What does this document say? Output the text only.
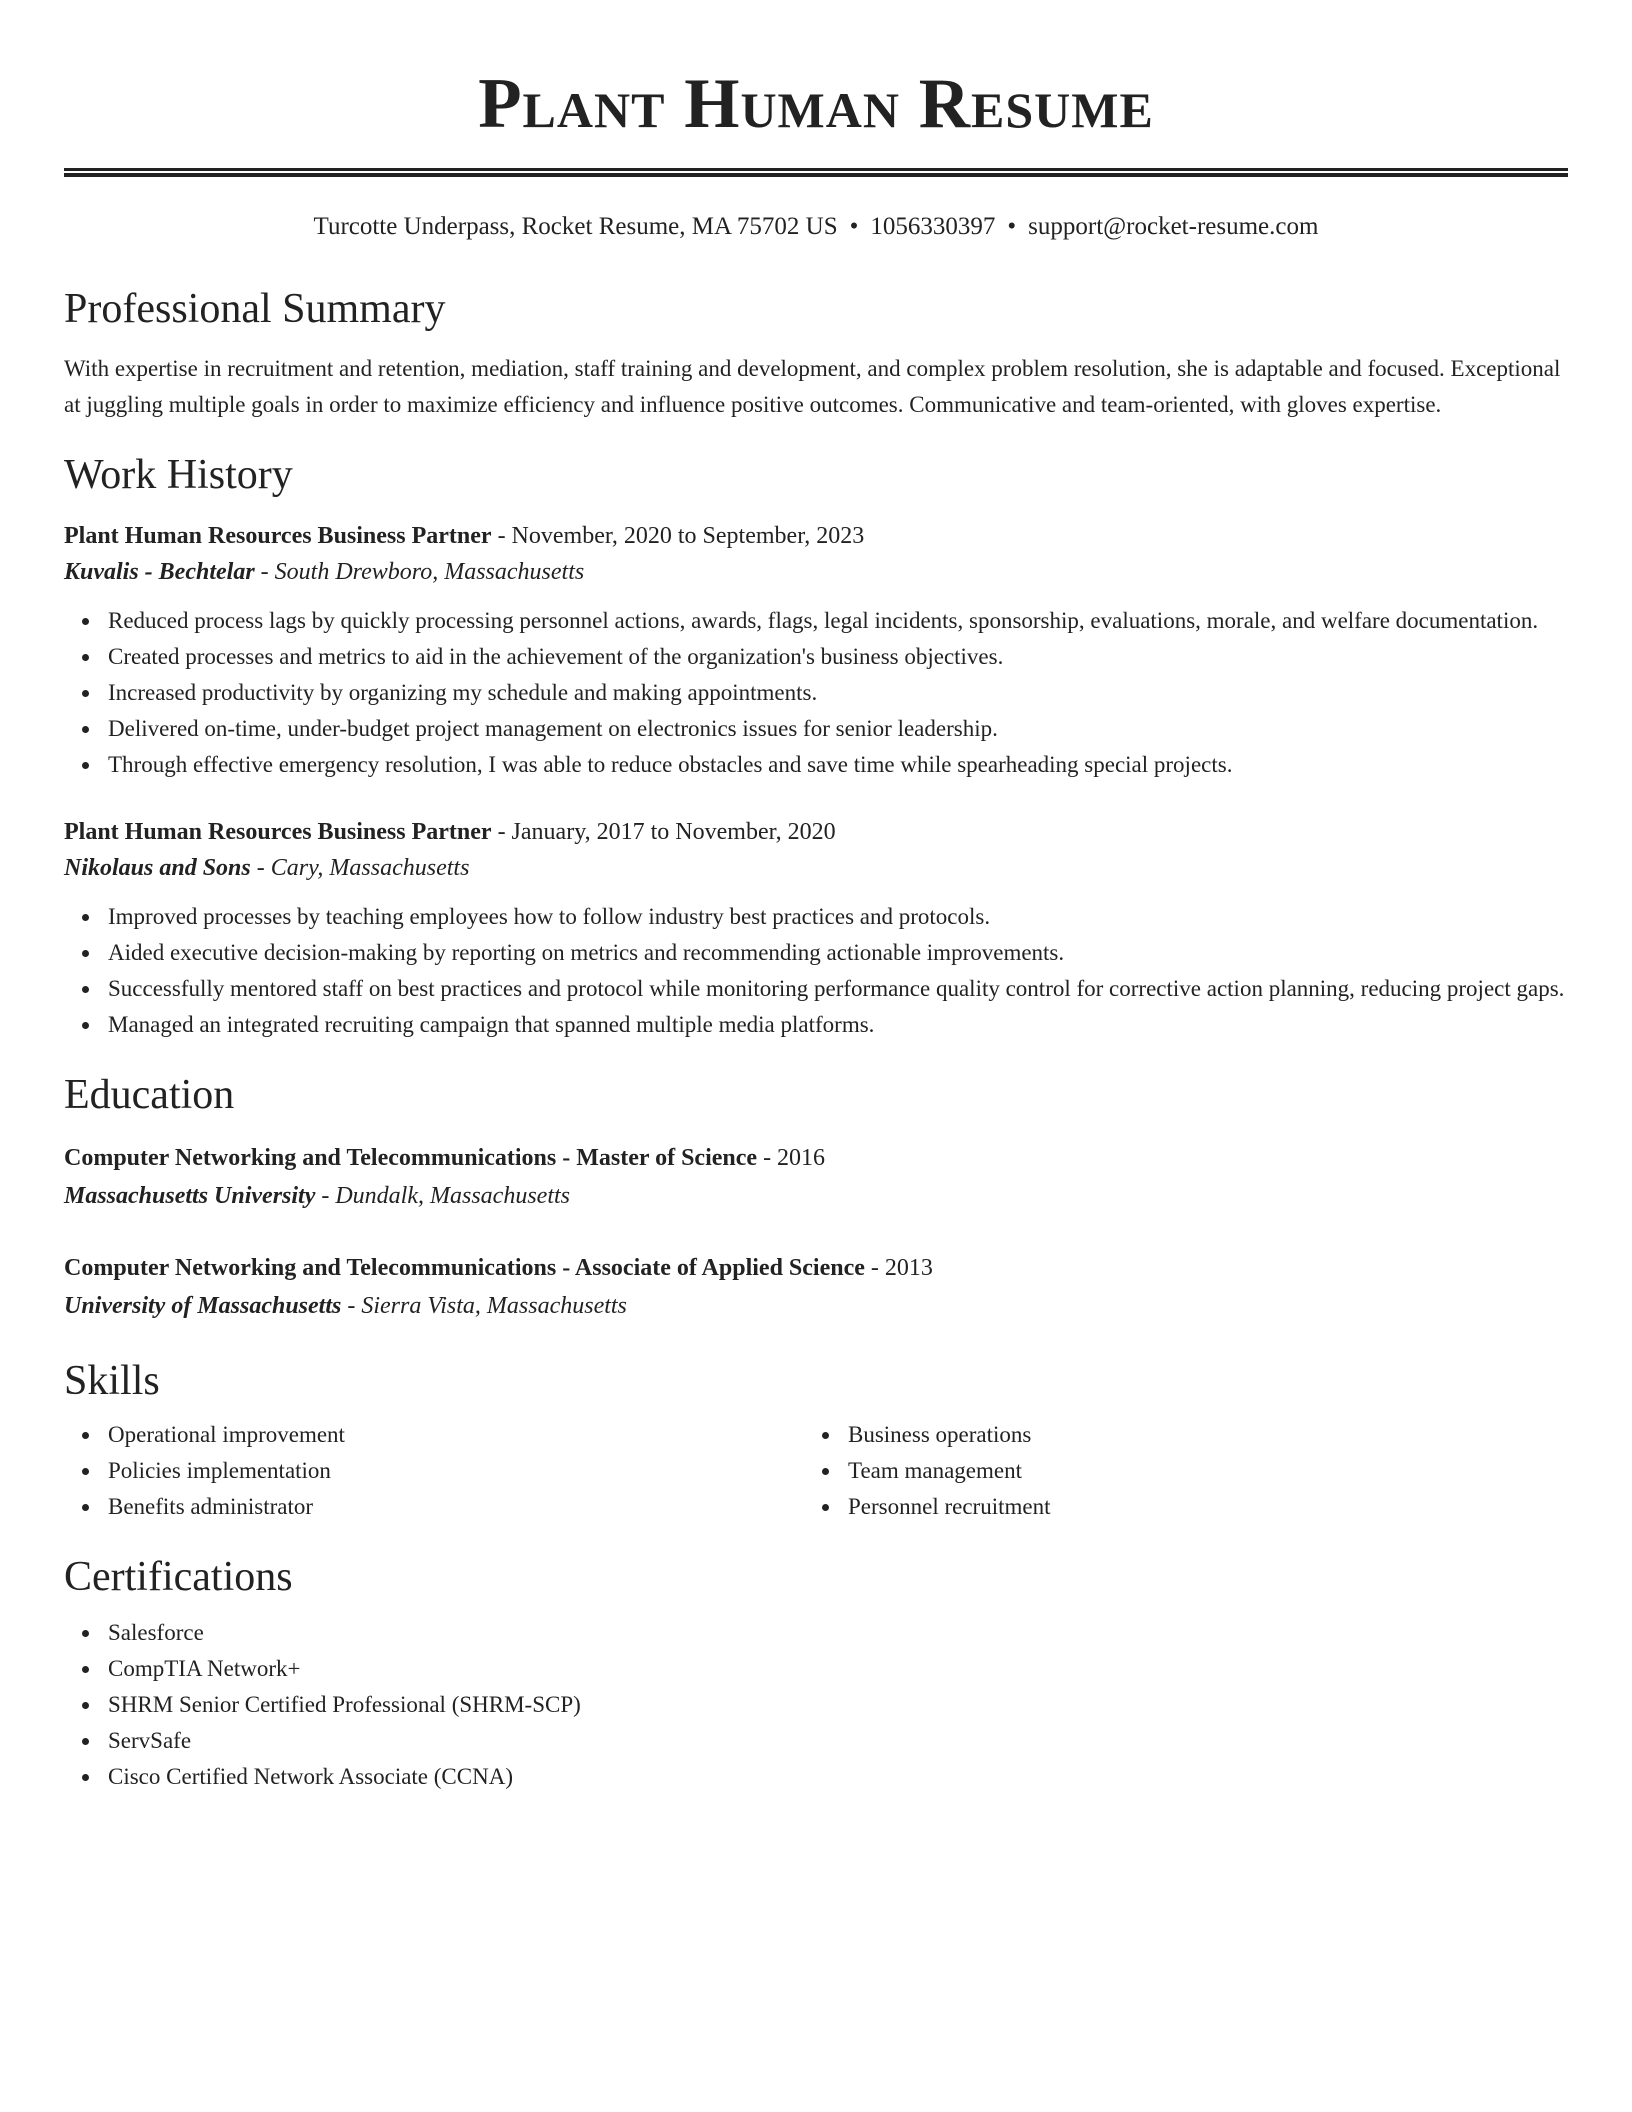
Plant Human Resume
Turcotte Underpass, Rocket Resume, MA 75702 US • 1056330397 • support@rocket-resume.com
Professional Summary

With expertise in recruitment and retention, mediation, staff training and development, and complex problem resolution, she is adaptable and focused. Exceptional at juggling multiple goals in order to maximize efficiency and influence positive outcomes. Communicative and team-oriented, with gloves expertise.

Work History
Plant Human Resources Business Partner - November, 2020 to September, 2023
Kuvalis - Bechtelar - South Drewboro, Massachusetts
Reduced process lags by quickly processing personnel actions, awards, flags, legal incidents, sponsorship, evaluations, morale, and welfare documentation.
Created processes and metrics to aid in the achievement of the organization's business objectives.
Increased productivity by organizing my schedule and making appointments.
Delivered on-time, under-budget project management on electronics issues for senior leadership.
Through effective emergency resolution, I was able to reduce obstacles and save time while spearheading special projects.
Plant Human Resources Business Partner - January, 2017 to November, 2020
Nikolaus and Sons - Cary, Massachusetts
Improved processes by teaching employees how to follow industry best practices and protocols.
Aided executive decision-making by reporting on metrics and recommending actionable improvements.
Successfully mentored staff on best practices and protocol while monitoring performance quality control for corrective action planning, reducing project gaps.
Managed an integrated recruiting campaign that spanned multiple media platforms.
Education
Computer Networking and Telecommunications - Master of Science - 2016
Massachusetts University - Dundalk, Massachusetts
Computer Networking and Telecommunications - Associate of Applied Science - 2013
University of Massachusetts - Sierra Vista, Massachusetts
Skills
Operational improvement
Policies implementation
Benefits administrator
Business operations
Team management
Personnel recruitment
Certifications
Salesforce
CompTIA Network+
SHRM Senior Certified Professional (SHRM-SCP)
ServSafe
Cisco Certified Network Associate (CCNA)
